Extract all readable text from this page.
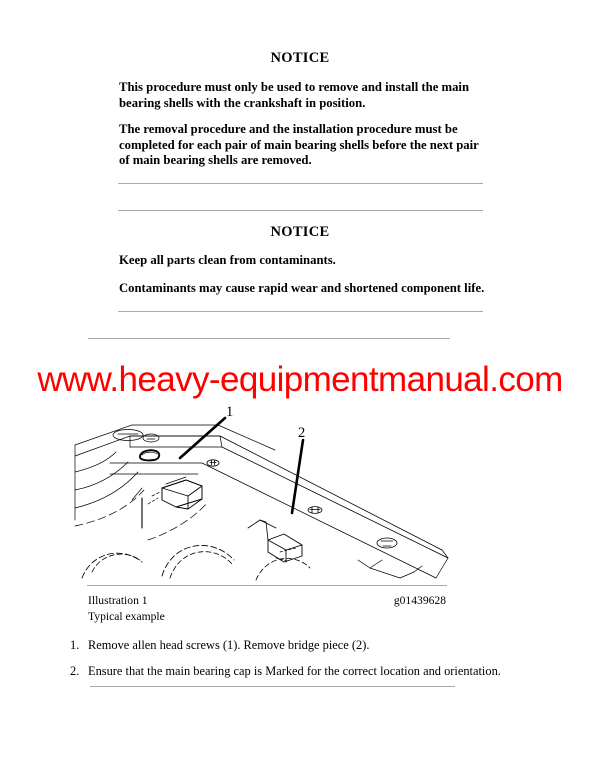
NOTICE
This procedure must only be used to remove and install the main bearing shells with the crankshaft in position.
The removal procedure and the installation procedure must be completed for each pair of main bearing shells before the next pair of main bearing shells are removed.
NOTICE
Keep all parts clean from contaminants.
Contaminants may cause rapid wear and shortened component life.
www.heavy-equipmentmanual.com
1
2
Illustration 1	g01439628
Typical example
1. Remove allen head screws (1). Remove bridge piece (2).
2. Ensure that the main bearing cap is Marked for the correct location and orientation.
